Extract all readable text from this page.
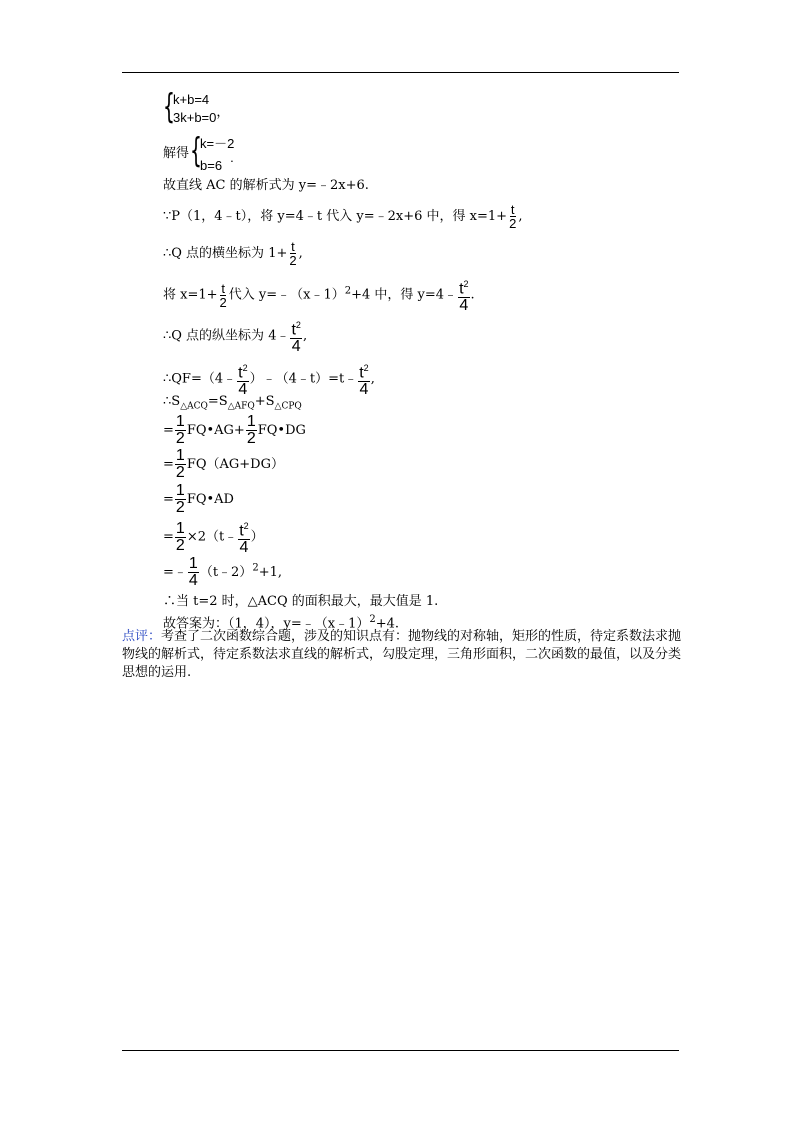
{
k+b=4
3k+b=0，
解得 {
k=－2
b=6.
故直线 AC 的解析式为 y=﹣2x+6.
∵P（1，4﹣t），将 y=4﹣t 代入 y=﹣2x+6 中，得 $x=1+ \frac{t}{2}$ ,
∴Q 点的横坐标为 $1+ \frac{t}{2}$ ,
将 $x=1+ \frac{t}{2}$ 代入 y=﹣（x﹣1）$^2$+4 中，得 y=4﹣ $\frac{t^2}{4}$ .
∴Q 点的纵坐标为 4﹣ $\frac{t^2}{4}$ ,
∴QF=（4﹣ $\frac{t^2}{4}$ ）﹣（4﹣t）=t﹣ $\frac{t^2}{4}$ ,
$\therefore S_{\triangle ACQ}=S_{\triangle AFQ}+S_{\triangle CPQ}$
= $\frac{1}{2}$ FQ•AG+ $\frac{1}{2}$ FQ•DG
= $\frac{1}{2} FQ(AG+DG)$
= $\frac{1}{2}$ FQ•AD
= $\frac{1}{2}$ ×2（t﹣ $\frac{t^2}{4}$ ）
=﹣ $\frac{1}{4}$ （t﹣2）$^2$+1,
∴当 t=2 时，△ACQ 的面积最大，最大值是 1.
故答案为：（1，4），y=﹣（x﹣1）$^2$+4.
点评：考查了二次函数综合题，涉及的知识点有：抛物线的对称轴，矩形的性质，待定系数法求抛物线的解析式，待定系数法求直线的解析式，勾股定理，三角形面积，二次函数的最值，以及分类思想的运用.
